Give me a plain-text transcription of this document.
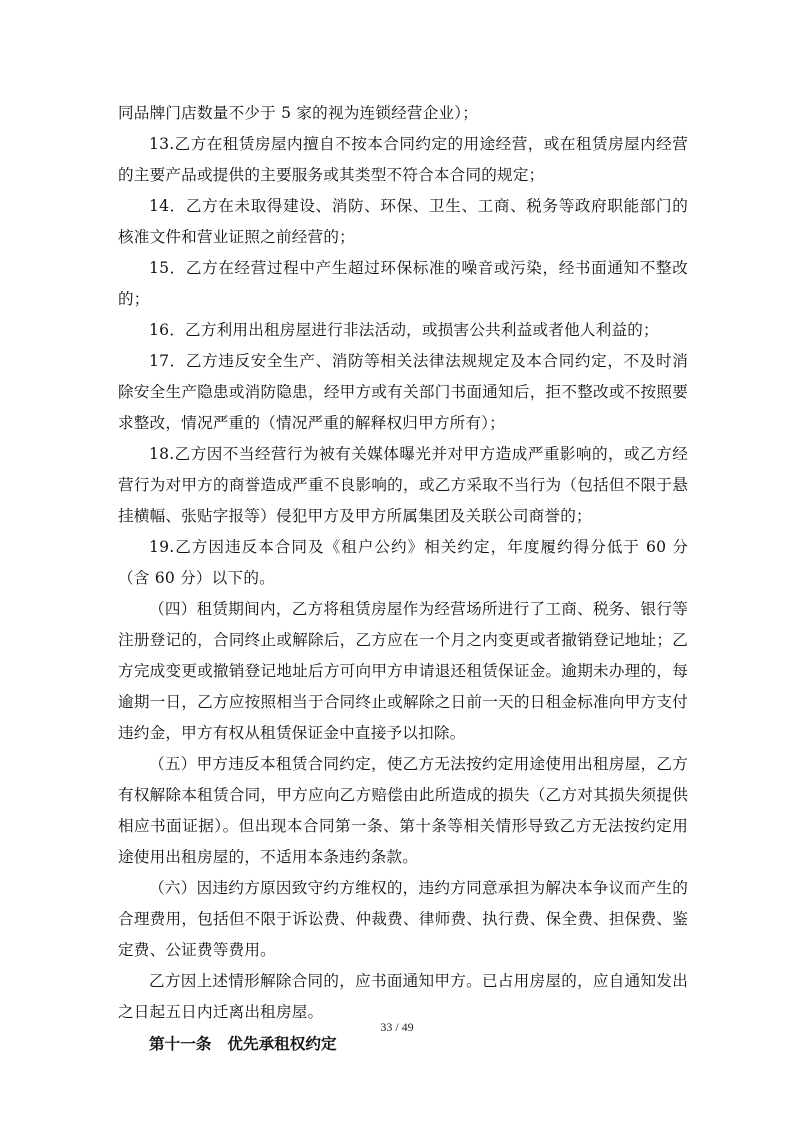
同品牌门店数量不少于 5 家的视为连锁经营企业）；

13.乙方在租赁房屋内擅自不按本合同约定的用途经营，或在租赁房屋内经营的主要产品或提供的主要服务或其类型不符合本合同的规定；

14．乙方在未取得建设、消防、环保、卫生、工商、税务等政府职能部门的核准文件和营业证照之前经营的；

15．乙方在经营过程中产生超过环保标准的噪音或污染，经书面通知不整改的；

16．乙方利用出租房屋进行非法活动，或损害公共利益或者他人利益的；

17．乙方违反安全生产、消防等相关法律法规规定及本合同约定，不及时消除安全生产隐患或消防隐患，经甲方或有关部门书面通知后，拒不整改或不按照要求整改，情况严重的（情况严重的解释权归甲方所有）；

18.乙方因不当经营行为被有关媒体曝光并对甲方造成严重影响的，或乙方经营行为对甲方的商誉造成严重不良影响的，或乙方采取不当行为（包括但不限于悬挂横幅、张贴字报等）侵犯甲方及甲方所属集团及关联公司商誉的；

19.乙方因违反本合同及《租户公约》相关约定，年度履约得分低于 60 分（含 60 分）以下的。

（四）租赁期间内，乙方将租赁房屋作为经营场所进行了工商、税务、银行等注册登记的，合同终止或解除后，乙方应在一个月之内变更或者撤销登记地址；乙方完成变更或撤销登记地址后方可向甲方申请退还租赁保证金。逾期未办理的，每逾期一日，乙方应按照相当于合同终止或解除之日前一天的日租金标准向甲方支付违约金，甲方有权从租赁保证金中直接予以扣除。

（五）甲方违反本租赁合同约定，使乙方无法按约定用途使用出租房屋，乙方有权解除本租赁合同，甲方应向乙方赔偿由此所造成的损失（乙方对其损失须提供相应书面证据）。但出现本合同第一条、第十条等相关情形导致乙方无法按约定用途使用出租房屋的，不适用本条违约条款。

（六）因违约方原因致守约方维权的，违约方同意承担为解决本争议而产生的合理费用，包括但不限于诉讼费、仲裁费、律师费、执行费、保全费、担保费、鉴定费、公证费等费用。

乙方因上述情形解除合同的，应书面通知甲方。已占用房屋的，应自通知发出之日起五日内迁离出租房屋。

第十一条 优先承租权约定

33 / 49
